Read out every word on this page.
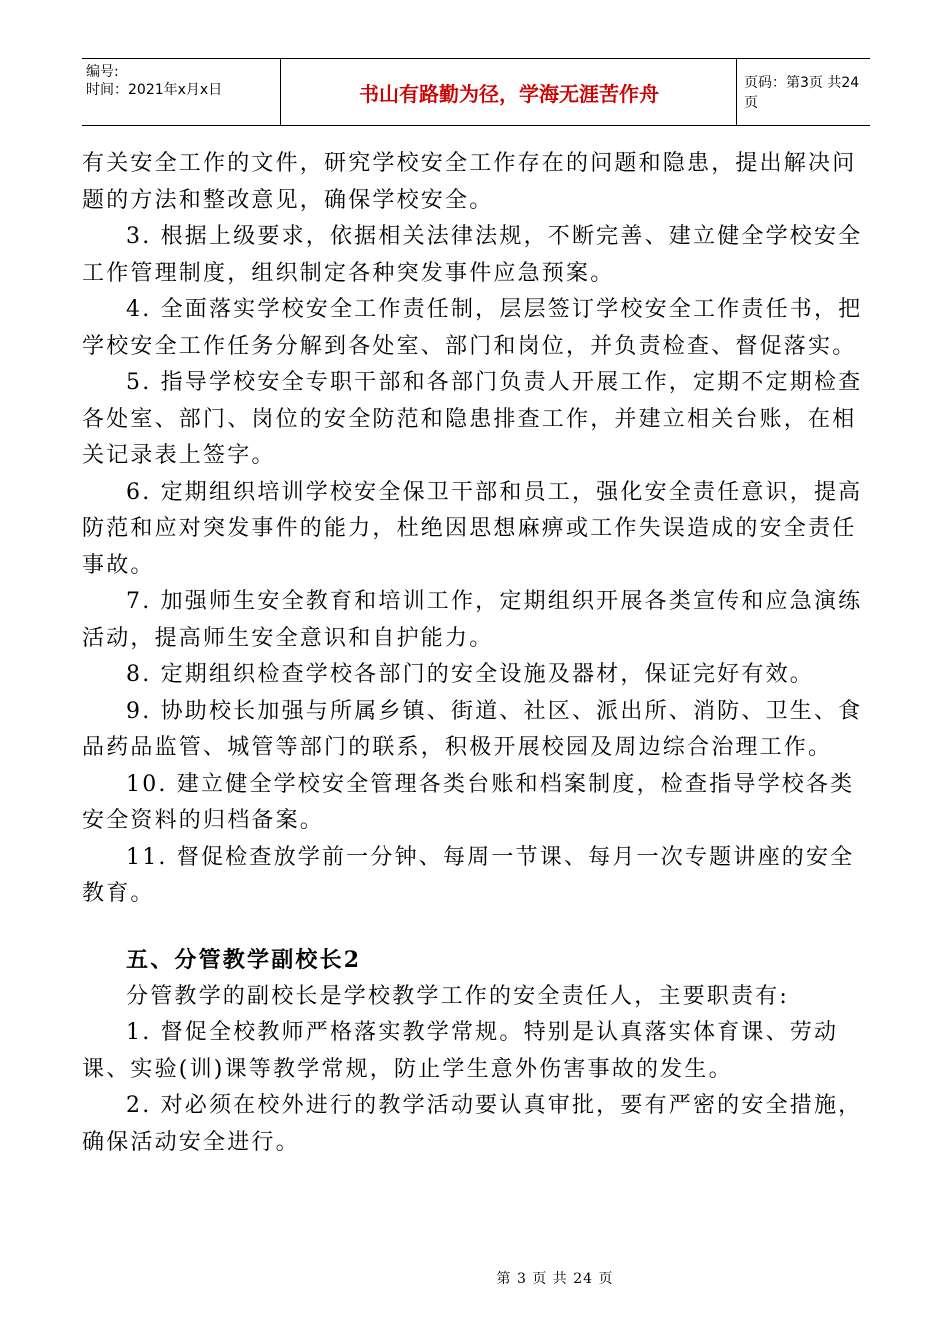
编号:
时间：2021年x月x日	书山有路勤为径，学海无涯苦作舟	页码：第3页 共24页

有关安全工作的文件，研究学校安全工作存在的问题和隐患，提出解决问题的方法和整改意见，确保学校安全。

3. 根据上级要求，依据相关法律法规，不断完善、建立健全学校安全工作管理制度，组织制定各种突发事件应急预案。

4. 全面落实学校安全工作责任制，层层签订学校安全工作责任书，把学校安全工作任务分解到各处室、部门和岗位，并负责检查、督促落实。

5. 指导学校安全专职干部和各部门负责人开展工作，定期不定期检查各处室、部门、岗位的安全防范和隐患排查工作，并建立相关台账，在相关记录表上签字。

6. 定期组织培训学校安全保卫干部和员工，强化安全责任意识，提高防范和应对突发事件的能力，杜绝因思想麻痹或工作失误造成的安全责任事故。

7. 加强师生安全教育和培训工作，定期组织开展各类宣传和应急演练活动，提高师生安全意识和自护能力。

8. 定期组织检查学校各部门的安全设施及器材，保证完好有效。

9. 协助校长加强与所属乡镇、街道、社区、派出所、消防、卫生、食品药品监管、城管等部门的联系，积极开展校园及周边综合治理工作。

10. 建立健全学校安全管理各类台账和档案制度，检查指导学校各类安全资料的归档备案。

11. 督促检查放学前一分钟、每周一节课、每月一次专题讲座的安全教育。

五、分管教学副校长2

分管教学的副校长是学校教学工作的安全责任人，主要职责有:

1. 督促全校教师严格落实教学常规。特别是认真落实体育课、劳动课、实验(训)课等教学常规，防止学生意外伤害事故的发生。

2. 对必须在校外进行的教学活动要认真审批，要有严密的安全措施，确保活动安全进行。

第 3 页 共 24 页
